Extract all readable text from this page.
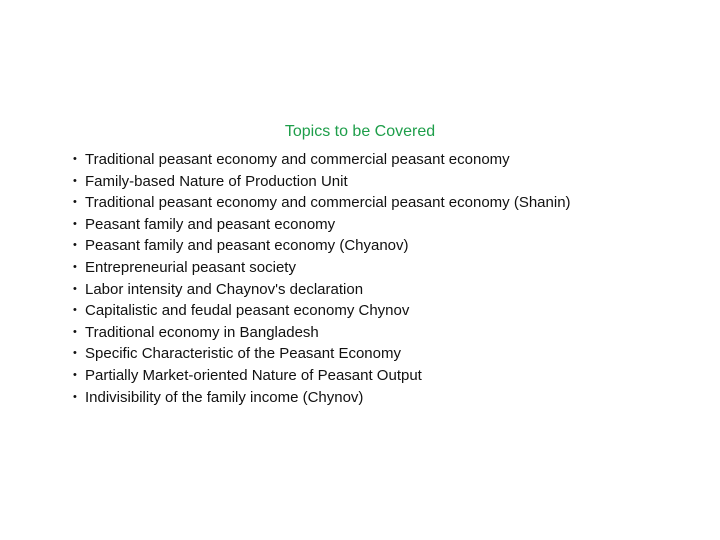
Topics to be Covered
• Traditional peasant economy and commercial peasant economy
• Family-based Nature of Production Unit
• Traditional peasant economy and commercial peasant economy (Shanin)
• Peasant family and peasant economy
• Peasant family and peasant economy (Chyanov)
• Entrepreneurial peasant society
• Labor intensity and Chaynov's declaration
• Capitalistic and feudal peasant economy Chynov
• Traditional economy in Bangladesh
• Specific Characteristic of the Peasant Economy
• Partially Market-oriented Nature of Peasant Output
• Indivisibility of the family income (Chynov)
